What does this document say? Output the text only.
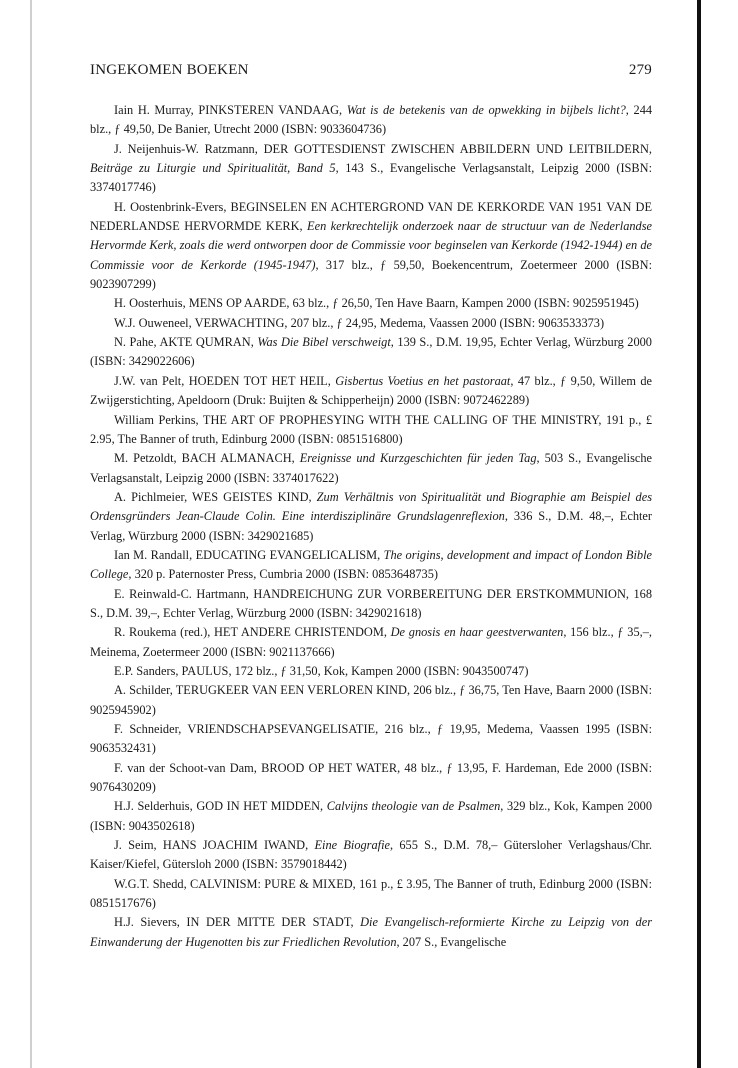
INGEKOMEN BOEKEN	279

Iain H. Murray, PINKSTEREN VANDAAG, Wat is de betekenis van de opwekking in bijbels licht?, 244 blz., ƒ 49,50, De Banier, Utrecht 2000 (ISBN: 9033604736)

J. Neijenhuis-W. Ratzmann, DER GOTTESDIENST ZWISCHEN ABBILDERN UND LEITBILDERN, Beiträge zu Liturgie und Spiritualität, Band 5, 143 S., Evangelische Verlagsanstalt, Leipzig 2000 (ISBN: 3374017746)

H. Oostenbrink-Evers, BEGINSELEN EN ACHTERGROND VAN DE KERKORDE VAN 1951 VAN DE NEDERLANDSE HERVORMDE KERK, Een kerkrechtelijk onderzoek naar de structuur van de Nederlandse Hervormde Kerk, zoals die werd ontworpen door de Commissie voor beginselen van Kerkorde (1942-1944) en de Commissie voor de Kerkorde (1945-1947), 317 blz., ƒ 59,50, Boekencentrum, Zoetermeer 2000 (ISBN: 9023907299)

H. Oosterhuis, MENS OP AARDE, 63 blz., ƒ 26,50, Ten Have Baarn, Kampen 2000 (ISBN: 9025951945)

W.J. Ouweneel, VERWACHTING, 207 blz., ƒ 24,95, Medema, Vaassen 2000 (ISBN: 9063533373)

N. Pahe, AKTE QUMRAN, Was Die Bibel verschweigt, 139 S., D.M. 19,95, Echter Verlag, Würzburg 2000 (ISBN: 3429022606)

J.W. van Pelt, HOEDEN TOT HET HEIL, Gisbertus Voetius en het pastoraat, 47 blz., ƒ 9,50, Willem de Zwijgerstichting, Apeldoorn (Druk: Buijten & Schipperheijn) 2000 (ISBN: 9072462289)

William Perkins, THE ART OF PROPHESYING WITH THE CALLING OF THE MINISTRY, 191 p., £ 2.95, The Banner of truth, Edinburg 2000 (ISBN: 0851516800)

M. Petzoldt, BACH ALMANACH, Ereignisse und Kurzgeschichten für jeden Tag, 503 S., Evangelische Verlagsanstalt, Leipzig 2000 (ISBN: 3374017622)

A. Pichlmeier, WES GEISTES KIND, Zum Verhältnis von Spiritualität und Biographie am Beispiel des Ordensgründers Jean-Claude Colin. Eine interdisziplinäre Grundslagenreflexion, 336 S., D.M. 48,–, Echter Verlag, Würzburg 2000 (ISBN: 3429021685)

Ian M. Randall, EDUCATING EVANGELICALISM, The origins, development and impact of London Bible College, 320 p. Paternoster Press, Cumbria 2000 (ISBN: 0853648735)

E. Reinwald-C. Hartmann, HANDREICHUNG ZUR VORBEREITUNG DER ERSTKOMMUNION, 168 S., D.M. 39,–, Echter Verlag, Würzburg 2000 (ISBN: 3429021618)

R. Roukema (red.), HET ANDERE CHRISTENDOM, De gnosis en haar geestverwanten, 156 blz., ƒ 35,–, Meinema, Zoetermeer 2000 (ISBN: 9021137666)

E.P. Sanders, PAULUS, 172 blz., ƒ 31,50, Kok, Kampen 2000 (ISBN: 9043500747)

A. Schilder, TERUGKEER VAN EEN VERLOREN KIND, 206 blz., ƒ 36,75, Ten Have, Baarn 2000 (ISBN: 9025945902)

F. Schneider, VRIENDSCHAPSEVANGELISATIE, 216 blz., ƒ 19,95, Medema, Vaassen 1995 (ISBN: 9063532431)

F. van der Schoot-van Dam, BROOD OP HET WATER, 48 blz., ƒ 13,95, F. Hardeman, Ede 2000 (ISBN: 9076430209)

H.J. Selderhuis, GOD IN HET MIDDEN, Calvijns theologie van de Psalmen, 329 blz., Kok, Kampen 2000 (ISBN: 9043502618)

J. Seim, HANS JOACHIM IWAND, Eine Biografie, 655 S., D.M. 78,– Gütersloher Verlagshaus/Chr. Kaiser/Kiefel, Gütersloh 2000 (ISBN: 3579018442)

W.G.T. Shedd, CALVINISM: PURE & MIXED, 161 p., £ 3.95, The Banner of truth, Edinburg 2000 (ISBN: 0851517676)

H.J. Sievers, IN DER MITTE DER STADT, Die Evangelisch-reformierte Kirche zu Leipzig von der Einwanderung der Hugenotten bis zur Friedlichen Revolution, 207 S., Evangelische
